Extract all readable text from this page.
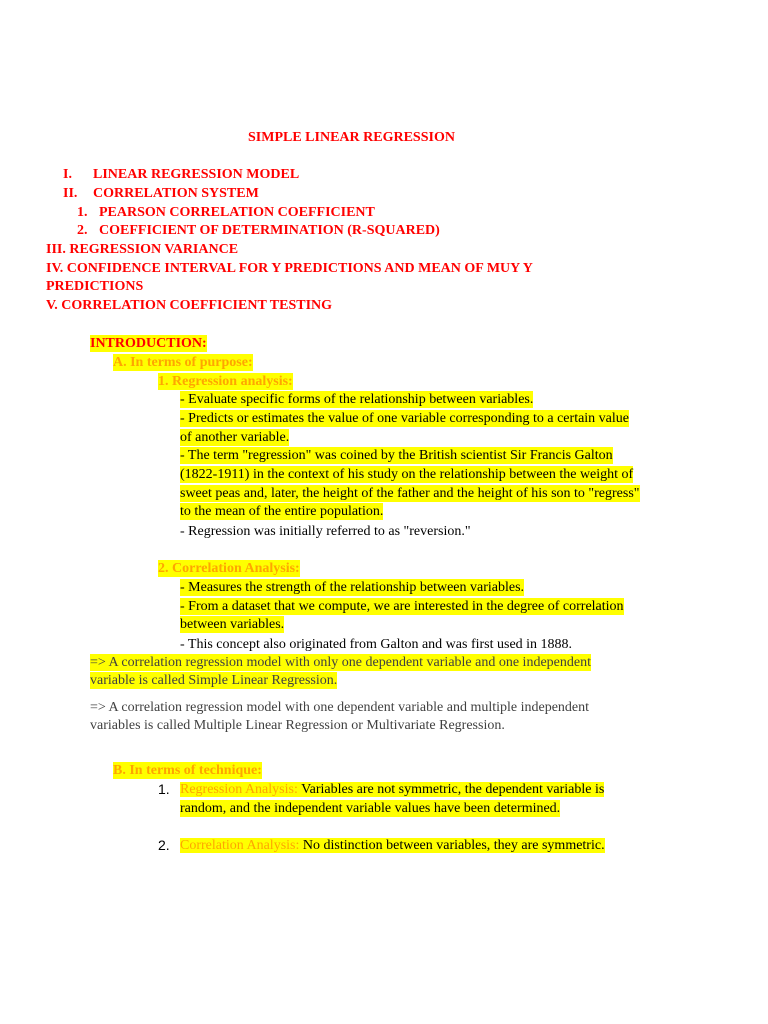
SIMPLE LINEAR REGRESSION
I. LINEAR REGRESSION MODEL
II. CORRELATION SYSTEM
1. PEARSON CORRELATION COEFFICIENT
2. COEFFICIENT OF DETERMINATION (R-SQUARED)
III. REGRESSION VARIANCE
IV. CONFIDENCE INTERVAL FOR Y PREDICTIONS AND MEAN OF MUY Y
PREDICTIONS
V. CORRELATION COEFFICIENT TESTING
INTRODUCTION:
A. In terms of purpose:
1. Regression analysis:
- Evaluate specific forms of the relationship between variables.
- Predicts or estimates the value of one variable corresponding to a certain value
of another variable.
- The term "regression" was coined by the British scientist Sir Francis Galton
(1822-1911) in the context of his study on the relationship between the weight of
sweet peas and, later, the height of the father and the height of his son to "regress"
to the mean of the entire population.
- Regression was initially referred to as "reversion."
2. Correlation Analysis:
- Measures the strength of the relationship between variables.
- From a dataset that we compute, we are interested in the degree of correlation
between variables.
- This concept also originated from Galton and was first used in 1888.
=> A correlation regression model with only one dependent variable and one independent
variable is called Simple Linear Regression.
=> A correlation regression model with one dependent variable and multiple independent
variables is called Multiple Linear Regression or Multivariate Regression.
B. In terms of technique:
1. Regression Analysis: Variables are not symmetric, the dependent variable is
random, and the independent variable values have been determined.
2. Correlation Analysis: No distinction between variables, they are symmetric.
